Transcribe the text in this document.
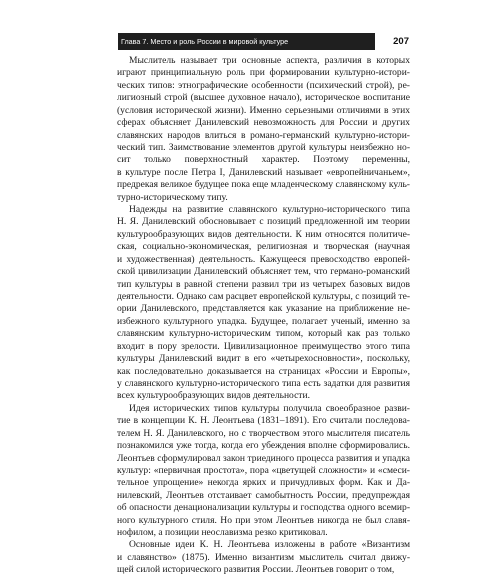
Глава 7. Место и роль России в мировой культуре	207
Мыслитель называет три основные аспекта, различия в которых
играют принципиальную роль при формировании культурно-истори-
ческих типов: этнографические особенности (психический строй), ре-
лигиозный строй (высшее духовное начало), историческое воспитание
(условия исторической жизни). Именно серьезными отличиями в этих
сферах объясняет Данилевский невозможность для России и других
славянских народов влиться в романо-германский культурно-истори-
ческий тип. Заимствование элементов другой культуры неизбежно но-
сит только поверхностный характер. Поэтому переменны,
в культуре после Петра I, Данилевский называет «европейничаньем»,
предрекая великое будущее пока еще младенческому славянскому куль-
турно-историческому типу.
Надежды на развитие славянского культурно-исторического типа
Н. Я. Данилевский обосновывает с позиций предложенной им теории
культурообразующих видов деятельности. К ним относятся политиче-
ская, социально-экономическая, религиозная и творческая (научная
и художественная) деятельность. Кажущееся превосходство европей-
ской цивилизации Данилевский объясняет тем, что германо-романский
тип культуры в равной степени развил три из четырех базовых видов
деятельности. Однако сам расцвет европейской культуры, с позиций те-
ории Данилевского, представляется как указание на приближение не-
избежного культурного упадка. Будущее, полагает ученый, именно за
славянским культурно-историческим типом, который как раз только
входит в пору зрелости. Цивилизационное преимущество этого типа
культуры Данилевский видит в его «четырехосновности», поскольку,
как последовательно доказывается на страницах «России и Европы»,
у славянского культурно-исторического типа есть задатки для развития
всех культурообразующих видов деятельности.
Идея исторических типов культуры получила своеобразное разви-
тие в концепции К. Н. Леонтьева (1831–1891). Его считали последова-
телем Н. Я. Данилевского, но с творчеством этого мыслителя писатель
познакомился уже тогда, когда его убеждения вполне сформировались.
Леонтьев сформулировал закон триединого процесса развития и упадка
культур: «первичная простота», пора «цветущей сложности» и «смеси-
тельное упрощение» некогда ярких и причудливых форм. Как и Да-
нилевский, Леонтьев отстаивает самобытность России, предупреждая
об опасности денационализации культуры и господства одного всемир-
ного культурного стиля. Но при этом Леонтьев никогда не был славя-
нофилом, а позиции неославизма резко критиковал.
Основные идеи К. Н. Леонтьева изложены в работе «Византизм
и славянство» (1875). Именно византизм мыслитель считал движу-
щей силой исторического развития России. Леонтьев говорит о том,
